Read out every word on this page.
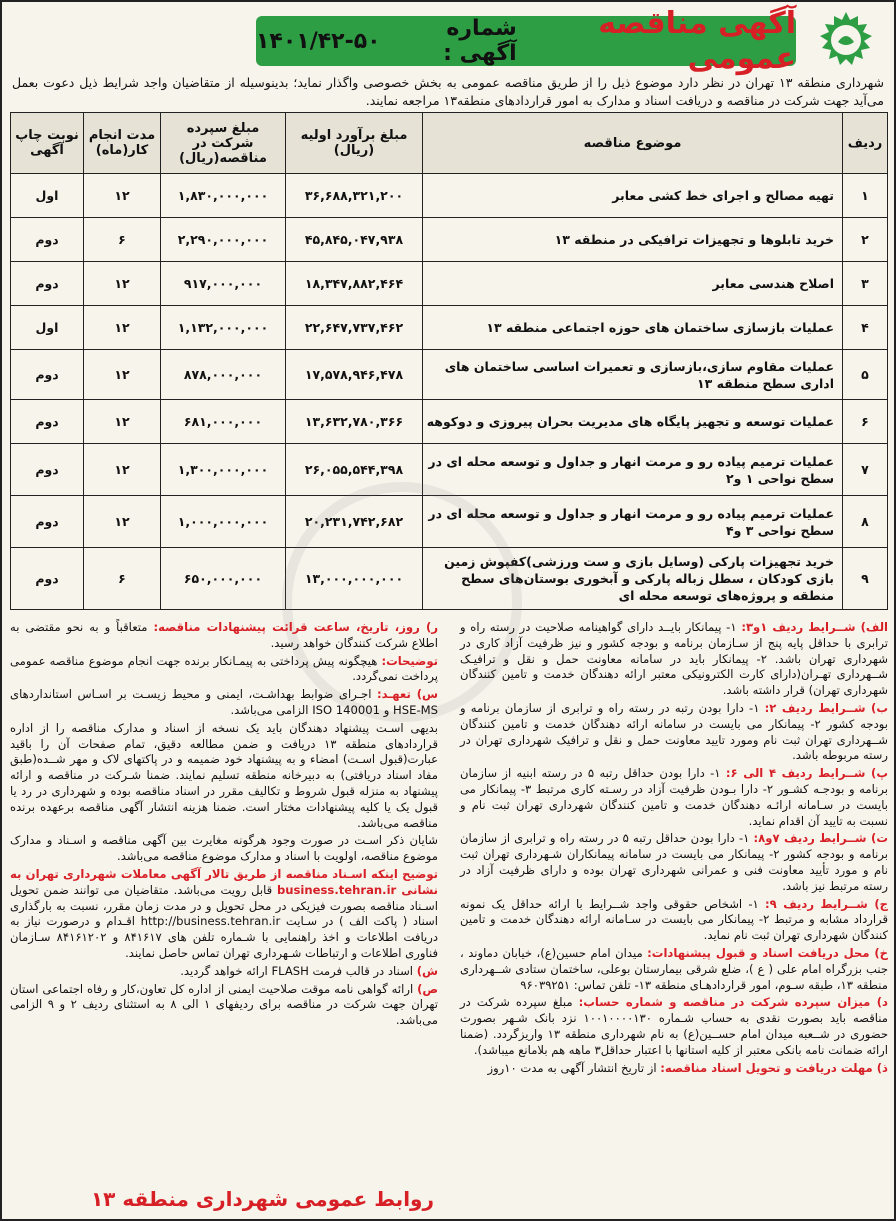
آگهی مناقصه عمومی
شماره آگهی :
۱۴۰۱/۴۲-۵۰
شهرداری منطقه ۱۳ تهران در نظر دارد موضوع ذیل را از طریق مناقصه عمومی به بخش خصوصی واگذار نماید؛ بدینوسیله از متقاضیان واجد شرایط ذیل دعوت بعمل می‌آید جهت شرکت در مناقصه و دریافت اسناد و مدارک به امور قراردادهای منطقه۱۳ مراجعه نمایند.
ردیف	موضوع مناقصه	مبلغ برآورد اولیه (ریال)	مبلغ سپرده شرکت در مناقصه(ریال)	مدت انجام کار(ماه)	نوبت چاپ آگهی
۱	تهیه مصالح و اجرای خط کشی معابر	۳۶,۶۸۸,۳۲۱,۲۰۰	۱,۸۳۰,۰۰۰,۰۰۰	۱۲	اول
۲	خرید تابلوها و تجهیزات ترافیکی در منطقه ۱۳	۴۵,۸۴۵,۰۴۷,۹۳۸	۲,۲۹۰,۰۰۰,۰۰۰	۶	دوم
۳	اصلاح هندسی معابر	۱۸,۳۴۷,۸۸۲,۴۶۴	۹۱۷,۰۰۰,۰۰۰	۱۲	دوم
۴	عملیات بازسازی ساختمان های حوزه اجتماعی منطقه ۱۳	۲۲,۶۴۷,۷۳۷,۴۶۲	۱,۱۳۲,۰۰۰,۰۰۰	۱۲	اول
۵	عملیات مقاوم سازی،بازسازی و تعمیرات اساسی ساختمان های اداری سطح منطقه ۱۳	۱۷,۵۷۸,۹۴۶,۴۷۸	۸۷۸,۰۰۰,۰۰۰	۱۲	دوم
۶	عملیات توسعه و تجهیز پایگاه های مدیریت بحران پیروزی و دوکوهه	۱۳,۶۳۲,۷۸۰,۳۶۶	۶۸۱,۰۰۰,۰۰۰	۱۲	دوم
۷	عملیات ترمیم پیاده رو و مرمت انهار و جداول و توسعه محله ای در سطح نواحی ۱ و۲	۲۶,۰۵۵,۵۴۴,۳۹۸	۱,۳۰۰,۰۰۰,۰۰۰	۱۲	دوم
۸	عملیات ترمیم پیاده رو و مرمت انهار و جداول و توسعه محله ای در سطح نواحی ۳ و۴	۲۰,۲۳۱,۷۴۲,۶۸۲	۱,۰۰۰,۰۰۰,۰۰۰	۱۲	دوم
۹	خرید تجهیزات پارکی (وسایل بازی و ست ورزشی)کفپوش زمین بازی کودکان ، سطل زباله پارکی و آبخوری بوستان‌های سطح منطقه و پروژه‌های توسعه محله ای	۱۳,۰۰۰,۰۰۰,۰۰۰	۶۵۰,۰۰۰,۰۰۰	۶	دوم

الف) شــرایط ردیف ۱و۳: ۱- پیمانکار بایــد دارای گواهینامه صلاحیت در رسته راه و ترابری با حداقل پایه پنج از سـازمان برنامه و بودجه کشور و نیز ظرفیت آزاد کاری در شهرداری تهران باشد. ۲- پیمانکار باید در سامانه معاونت حمل و نقل و ترافیـک شــهرداری تهـران(دارای کارت الکترونیکی معتبر ارائه دهندگان خدمت و تامین کنندگان شهرداری تهران) قرار داشته باشد.

ب) شــرایط ردیف ۲: ۱- دارا بودن رتبه در رسته راه و ترابری از سازمان برنامه و بودجه کشور ۲- پیمانکار می بایست در سامانه ارائه دهندگان خدمت و تامین کنندگان شــهرداری تهران ثبت نام ومورد تایید معاونت حمل و نقل و ترافیک شهرداری تهران در رسته مربوطه باشد.

پ) شــرایط ردیف ۴ الی ۶: ۱- دارا بودن حداقل رتبه ۵ در رسته ابنیه از سازمان برنامه و بودجـه کشـور ۲- دارا بـودن ظرفیت آزاد در رسـته کاری مرتبط ۳- پیمانکار می بایست در سـامانه ارائـه دهندگان خدمت و تامین کنندگان شهرداری تهران ثبت نام و نسبت به تایید آن اقدام نماید.

ت) شــرایط ردیف ۷و۸: ۱- دارا بودن حداقل رتبه ۵ در رسته راه و ترابری از سازمان برنامه و بودجه کشور ۲- پیمانکار می بایست در سامانه پیمانکاران شـهرداری تهران ثبت نام و مورد تأیید معاونت فنی و عمرانی شهرداری تهران بوده و دارای ظرفیت آزاد در رسته مرتبط نیز باشد.

ج) شــرایط ردیف ۹: ۱- اشخاص حقوقی واجد شــرایط با ارائه حداقل یک نمونه قرارداد مشابه و مرتبط ۲- پیمانکار می بایست در سـامانه ارائه دهندگان خدمت و تامین کنندگان شهرداری تهران ثبت نام نماید.

خ) محل دریافت اسناد و قبول پیشنهادات: میدان امام حسین(ع)، خیابان دماوند ، جنب بزرگراه امام علی ( ع )، ضلع شرقی بیمارستان بوعلی، ساختمان ستادی شــهرداری منطقه ۱۳، طبقه سـوم، امور قراردادهـای منطقه ۱۳- تلفن تماس: ۹۶۰۳۹۲۵۱

د) میزان سپرده شرکت در مناقصه و شماره حساب: مبلغ سپرده شرکت در مناقصه باید بصورت نقدی به حساب شـماره ۱۰۰۱۰۰۰۰۱۳۰ نزد بانک شـهر بصورت حضوری در شــعبه میدان امام حســین(ع) به نام شهرداری منطقه ۱۳ واریزگردد. (ضمنا ارائه ضمانت نامه بانکی معتبر از کلیه استانها با اعتبار حداقل۳ ماهه هم بلامانع میباشد).

ذ) مهلت دریافت و تحویل اسناد مناقصه: از تاریخ انتشار آگهی به مدت ۱۰روز

ر) روز، تاریخ، ساعت قرائت پیشنهادات مناقصه: متعاقباً و به نحو مقتضی به اطلاع شرکت کنندگان خواهد رسید.

توضیحات: هیچگونه پیش پرداختی به پیمـانکار برنده جهت انجام موضوع مناقصه عمومی پرداخت نمی‌گردد.

س) تعهـد: اجـرای ضوابط بهداشـت، ایمنی و محیط زیسـت بر اسـاس استانداردهای HSE-MS و ISO 140001 الزامی می‌باشد.

بدیهی اسـت پیشنهاد دهندگان باید یک نسخه از اسناد و مدارک مناقصه را از اداره قراردادهای منطقه ۱۳ دریافت و ضمن مطالعه دقیق، تمام صفحات آن را باقید عبارت(قبول اسـت) امضاء و به پیشنهاد خود ضمیمه و در پاکتهای لاک و مهر شــده(طبق مفاد اسناد دریافتی) به دبیرخانه منطقه تسلیم نمایند. ضمنا شـرکت در مناقصه و ارائه پیشنهاد به منزله قبول شروط و تکالیف مقرر در اسناد مناقصه بوده و شهرداری در رد یا قبول یک یا کلیه پیشنهادات مختار است. ضمنا هزینه انتشار آگهی مناقصه برعهده برنده مناقصه می‌باشد.

شایان ذکر اسـت در صورت وجود هرگونه مغایرت بین آگهی مناقصه و اسـناد و مدارک موضوع مناقصه، اولویت با اسناد و مدارک موضوع مناقصه می‌باشد.

توضیح اینکه اسـناد مناقصه از طریق تالار آگهی معاملات شهرداری تهران به نشانی business.tehran.ir قابل رویت می‌باشد. متقاضیان می توانند ضمن تحویل اسـناد مناقصه بصورت فیزیکی در محل تحویل و در مدت زمان مقرر، نسبت به بارگذاری اسناد ( پاکت الف ) در سـایت http://business.tehran.ir اقـدام و درصورت نیاز به دریافت اطلاعات و اخذ راهنمایی با شـماره تلفن های ۸۴۱۶۱۷ و ۸۴۱۶۱۲۰۲ سـازمان فناوری اطلاعات و ارتباطات شـهرداری تهران تماس حاصل نمایند.

ش) اسناد در قالب فرمت FLASH ارائه خواهد گردید.

ص) ارائه گواهی نامه موقت صلاحیت ایمنی از اداره کل تعاون،کار و رفاه اجتماعی استان تهران جهت شرکت در مناقصه برای ردیفهای ۱ الی ۸ به استثنای ردیف ۲ و ۹ الزامی می‌باشد.

روابط عمومی شهرداری منطقه ۱۳
